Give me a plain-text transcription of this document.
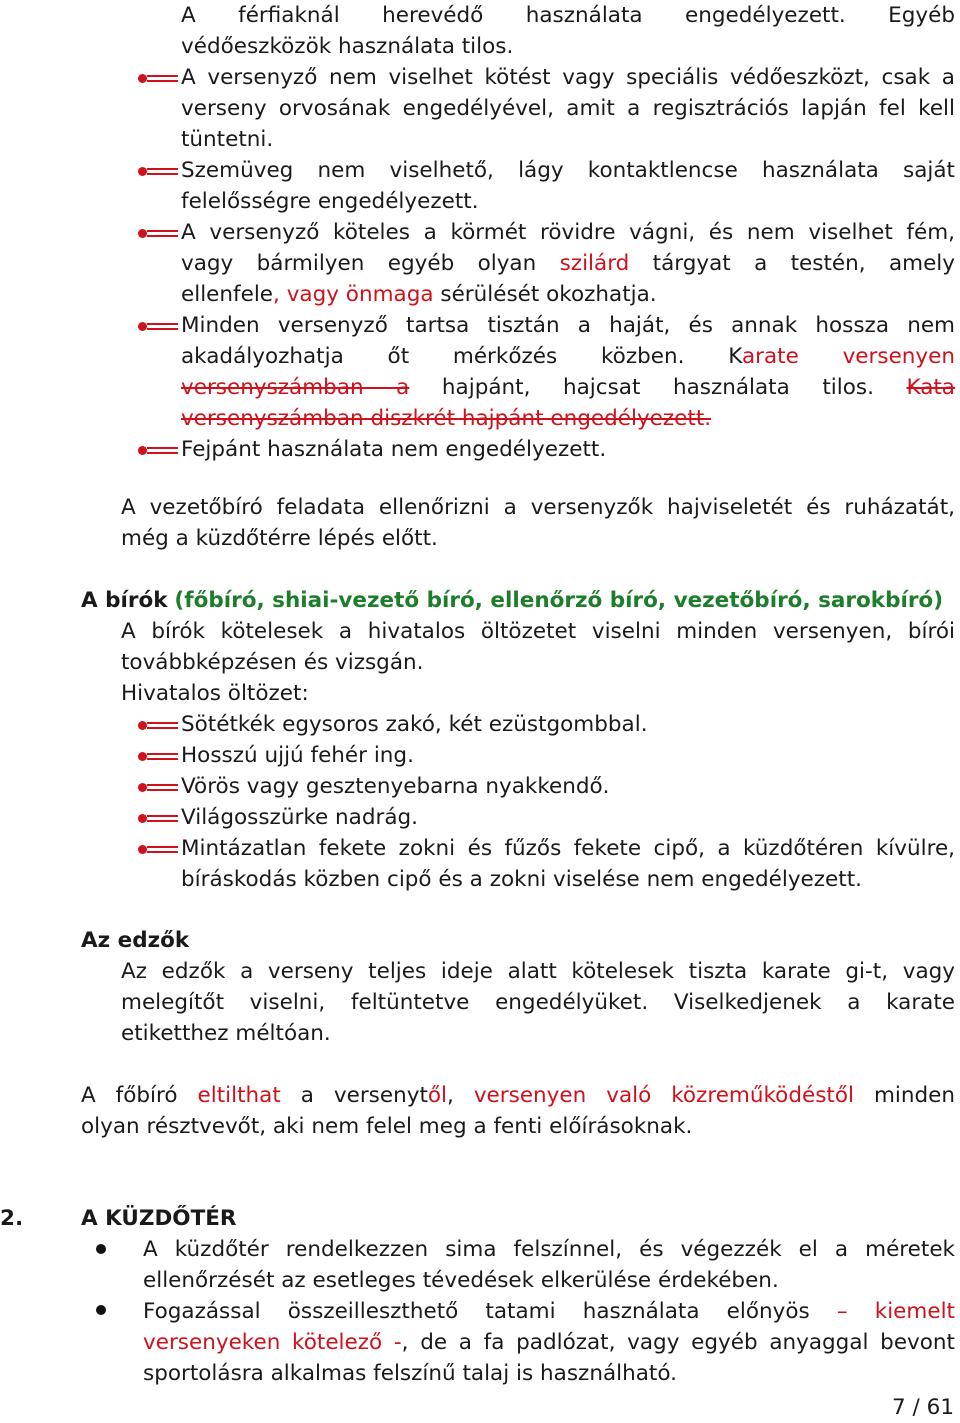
A férfiaknál herevédő használata engedélyezett. Egyéb
védőeszközök használata tilos.
A versenyző nem viselhet kötést vagy speciális védőeszközt, csak a
verseny orvosának engedélyével, amit a regisztrációs lapján fel kell
tüntetni.
Szemüveg nem viselhető, lágy kontaktlencse használata saját
felelősségre engedélyezett.
A versenyző köteles a körmét rövidre vágni, és nem viselhet fém,
vagy bármilyen egyéb olyan szilárd tárgyat a testén, amely
ellenfele, vagy önmaga sérülését okozhatja.
Minden versenyző tartsa tisztán a haját, és annak hossza nem
akadályozhatja őt mérkőzés közben. Karate versenyen
versenyszámban a hajpánt, hajcsat használata tilos. Kata
versenyszámban diszkrét hajpánt engedélyezett.
Fejpánt használata nem engedélyezett.
A vezetőbíró feladata ellenőrizni a versenyzők hajviseletét és ruházatát,
még a küzdőtérre lépés előtt.
A bírók (főbíró, shiai-vezető bíró, ellenőrző bíró, vezetőbíró, sarokbíró)
A bírók kötelesek a hivatalos öltözetet viselni minden versenyen, bírói
továbbképzésen és vizsgán.
Hivatalos öltözet:
Sötétkék egysoros zakó, két ezüstgombbal.
Hosszú ujjú fehér ing.
Vörös vagy gesztenyebarna nyakkendő.
Világosszürke nadrág.
Mintázatlan fekete zokni és fűzős fekete cipő, a küzdőtéren kívülre,
bíráskodás közben cipő és a zokni viselése nem engedélyezett.
Az edzők
Az edzők a verseny teljes ideje alatt kötelesek tiszta karate gi-t, vagy
melegítőt viselni, feltüntetve engedélyüket. Viselkedjenek a karate
etiketthez méltóan.
A főbíró eltilthat a versenytől, versenyen való közreműködéstől minden
olyan résztvevőt, aki nem felel meg a fenti előírásoknak.
2.	A KÜZDŐTÉR
A küzdőtér rendelkezzen sima felszínnel, és végezzék el a méretek
ellenőrzését az esetleges tévedések elkerülése érdekében.
Fogazással összeilleszthető tatami használata előnyös – kiemelt
versenyeken kötelező -, de a fa padlózat, vagy egyéb anyaggal bevont
sportolásra alkalmas felszínű talaj is használható.
7 / 61
